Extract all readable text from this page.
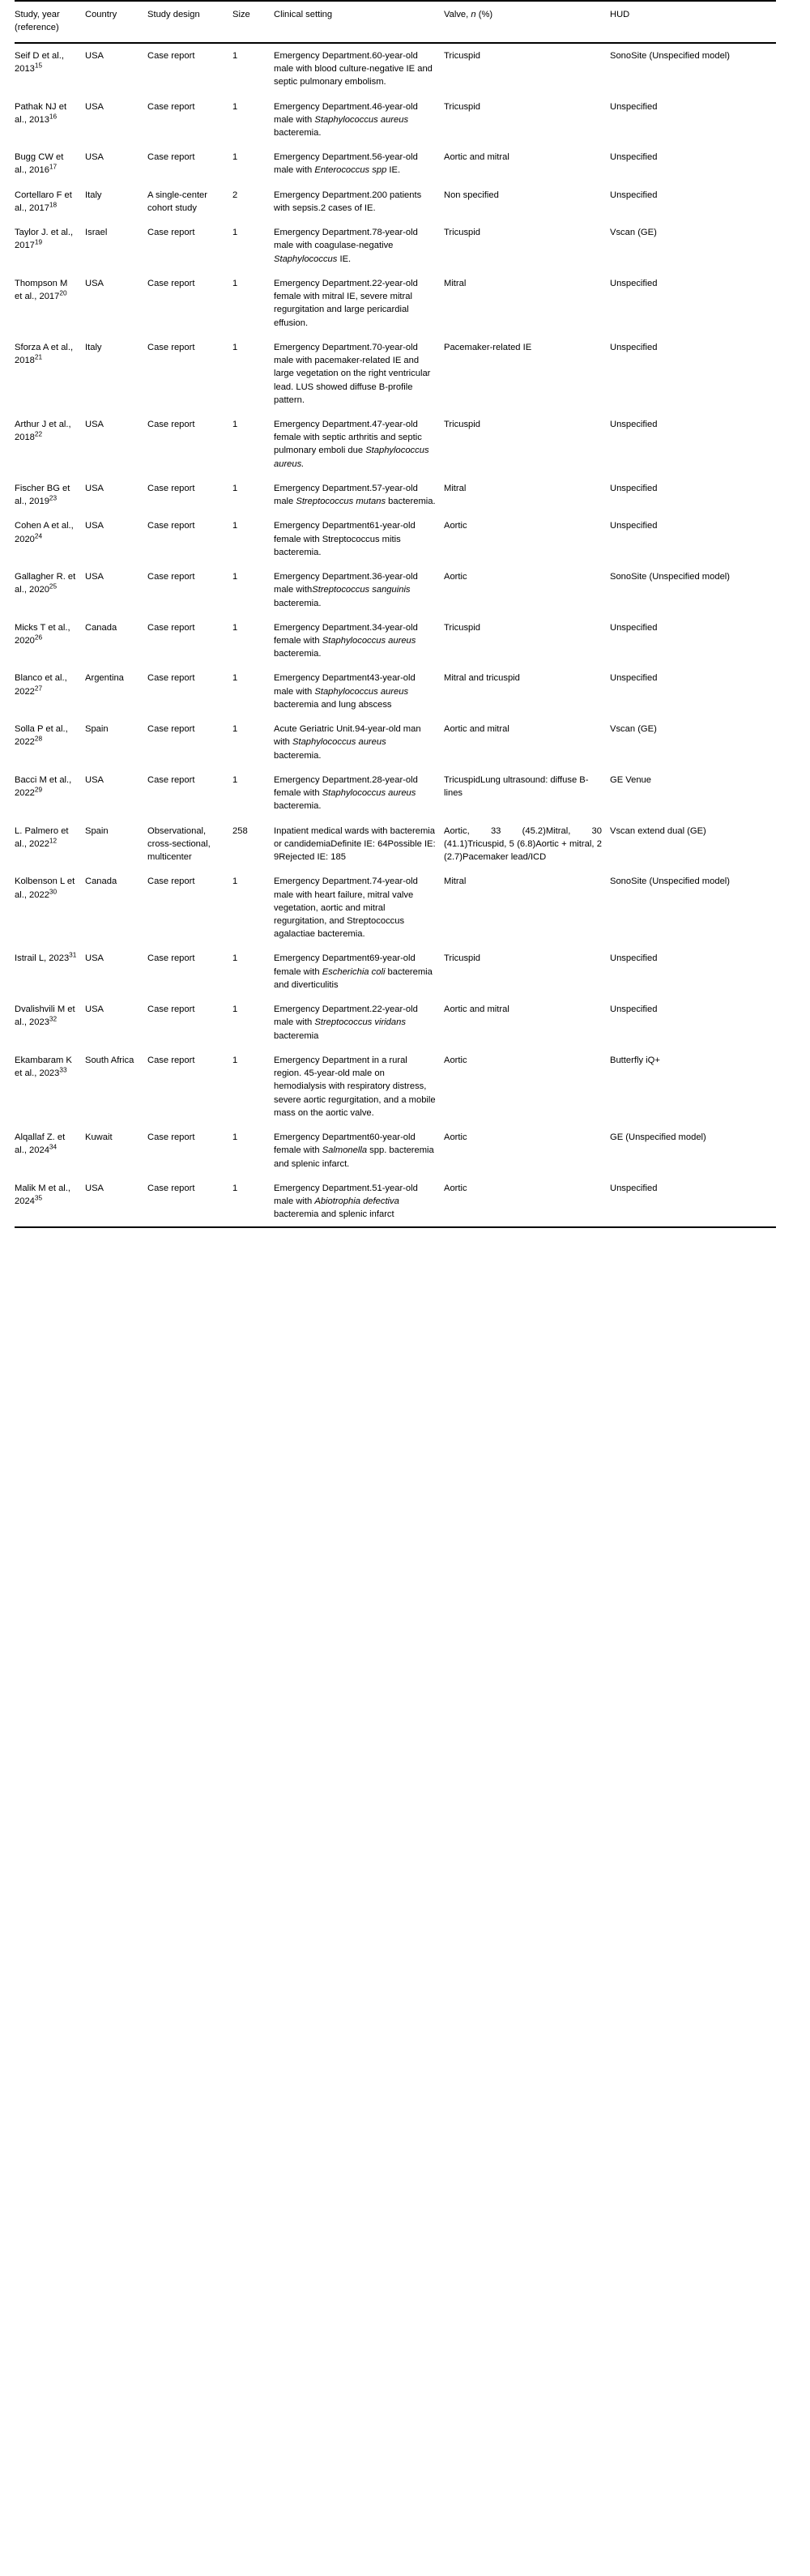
Study, year (reference)	Country	Study design	Size	Clinical setting	Valve, n (%)	HUD
Seif D et al., 2013$^{15}$	USA	Case report	1	Emergency Department.60-year-old male with blood culture-negative IE and septic pulmonary embolism.	Tricuspid	SonoSite (Unspecified model)
Pathak NJ et al., 2013$^{16}$	USA	Case report	1	Emergency Department.46-year-old male with Staphylococcus aureus bacteremia.	Tricuspid	Unspecified
Bugg CW et al., 2016$^{17}$	USA	Case report	1	Emergency Department.56-year-old male with Enterococcus spp IE.	Aortic and mitral	Unspecified
Cortellaro F et al., 2017$^{18}$	Italy	A single-center cohort study	2	Emergency Department.200 patients with sepsis.2 cases of IE.	Non specified	Unspecified
Taylor J. et al., 2017$^{19}$	Israel	Case report	1	Emergency Department.78-year-old male with coagulase-negative Staphylococcus IE.	Tricuspid	Vscan (GE)
Thompson M et al., 2017$^{20}$	USA	Case report	1	Emergency Department.22-year-old female with mitral IE, severe mitral regurgitation and large pericardial effusion.	Mitral	Unspecified
Sforza A et al., 2018$^{21}$	Italy	Case report	1	Emergency Department.70-year-old male with pacemaker-related IE and large vegetation on the right ventricular lead. LUS showed diffuse B-profile pattern.	Pacemaker-related IE	Unspecified
Arthur J et al., 2018$^{22}$	USA	Case report	1	Emergency Department.47-year-old female with septic arthritis and septic pulmonary emboli due Staphylococcus aureus.	Tricuspid	Unspecified
Fischer BG et al., 2019$^{23}$	USA	Case report	1	Emergency Department.57-year-old male Streptococcus mutans bacteremia.	Mitral	Unspecified
Cohen A et al., 2020$^{24}$	USA	Case report	1	Emergency Department61-year-old female with Streptococcus mitis bacteremia.	Aortic	Unspecified
Gallagher R. et al., 2020$^{25}$	USA	Case report	1	Emergency Department.36-year-old male withStreptococcus sanguinis bacteremia.	Aortic	SonoSite (Unspecified model)
Micks T et al., 2020$^{26}$	Canada	Case report	1	Emergency Department.34-year-old female with Staphylococcus aureus bacteremia.	Tricuspid	Unspecified
Blanco et al., 2022$^{27}$	Argentina	Case report	1	Emergency Department43-year-old male with Staphylococcus aureus bacteremia and lung abscess	Mitral and tricuspid	Unspecified
Solla P et al., 2022$^{28}$	Spain	Case report	1	Acute Geriatric Unit.94-year-old man with Staphylococcus aureus bacteremia.	Aortic and mitral	Vscan (GE)
Bacci M et al., 2022$^{29}$	USA	Case report	1	Emergency Department.28-year-old female with Staphylococcus aureus bacteremia.	TricuspidLung ultrasound: diffuse B-lines	GE Venue
L. Palmero et al., 2022$^{12}$	Spain	Observational, cross-sectional, multicenter	258	Inpatient medical wards with bacteremia or candidemiaDefinite IE: 64Possible IE: 9Rejected IE: 185	Aortic, 33 (45.2)Mitral, 30 (41.1)Tricuspid, 5 (6.8)Aortic + mitral, 2 (2.7)Pacemaker lead/ICD	Vscan extend dual (GE)
Kolbenson L et al., 2022$^{30}$	Canada	Case report	1	Emergency Department.74-year-old male with heart failure, mitral valve vegetation, aortic and mitral regurgitation, and Streptococcus agalactiae bacteremia.	Mitral	SonoSite (Unspecified model)
Istrail L, 2023$^{31}$	USA	Case report	1	Emergency Department69-year-old female with Escherichia coli bacteremia and diverticulitis	Tricuspid	Unspecified
Dvalishvili M et al., 2023$^{32}$	USA	Case report	1	Emergency Department.22-year-old male with Streptococcus viridans bacteremia	Aortic and mitral	Unspecified
Ekambaram K et al., 2023$^{33}$	South Africa	Case report	1	Emergency Department in a rural region. 45-year-old male on hemodialysis with respiratory distress, severe aortic regurgitation, and a mobile mass on the aortic valve.	Aortic	Butterfly iQ+
Alqallaf Z. et al., 2024$^{34}$	Kuwait	Case report	1	Emergency Department60-year-old female with Salmonella spp. bacteremia and splenic infarct.	Aortic	GE (Unspecified model)
Malik M et al., 2024$^{35}$	USA	Case report	1	Emergency Department.51-year-old male with Abiotrophia defectiva bacteremia and splenic infarct	Aortic	Unspecified
